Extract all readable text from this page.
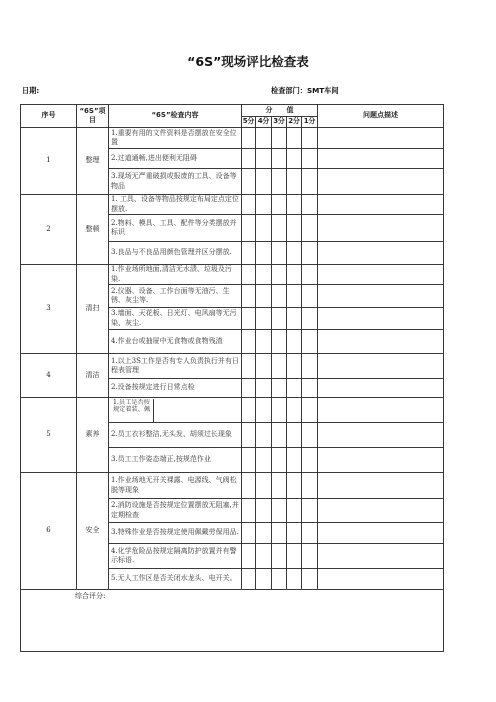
“6S”现场评比检查表
日期:	检查部门：SMT车间
序号	“6S”项目	“6S”检查内容	分　　值					问题点描述
			5分	4分	3分	2分	1分	
1	整理	1.重要有用的文件资料是否摆放在安全位置						
		2.过道通畅,进出便利无阻碍						
		3.现场无严重破损或报废的工具、设备等物品						
2	整顿	1. 工具、设备等物品按规定布局定点定位摆放.						
		2.物料、模具、工具、配件等分类摆放并标识						
		3.良品与不良品用颜色管理并区分摆放.						
3	清扫	1.作业场所地面,清洁无水渍、垃圾及污染.						
		2.仪器、设备、工作台面等无油污、生锈、灰尘等.						
		3.墙面、天花板、日光灯、电风扇等无污染、灰尘.						
		4.作业台或抽屉中无食物或食物残渣						
4	清洁	1.以上3S工作是否有专人负责执行并有日程表管理						
		2.设备按规定进行日常点检						
5	素养	1.员工是否按规定着装、佩						

		2.员工衣衫整洁,无头发、胡须过长现象						
		3.员工工作姿态端正,按规范作业						
6	安全	1.作业场地无开关裸露、电源线、气阀松脱等现象						
		2.消防设施是否按规定位置摆放无阻塞,并定期检查						
		3.特殊作业是否按规定使用佩戴劳保用品.						
		4.化学危险品按规定隔离防护放置并有警示标语.						
		5.无人工作区是否关闭水龙头、电开关。						
综合评分:								
